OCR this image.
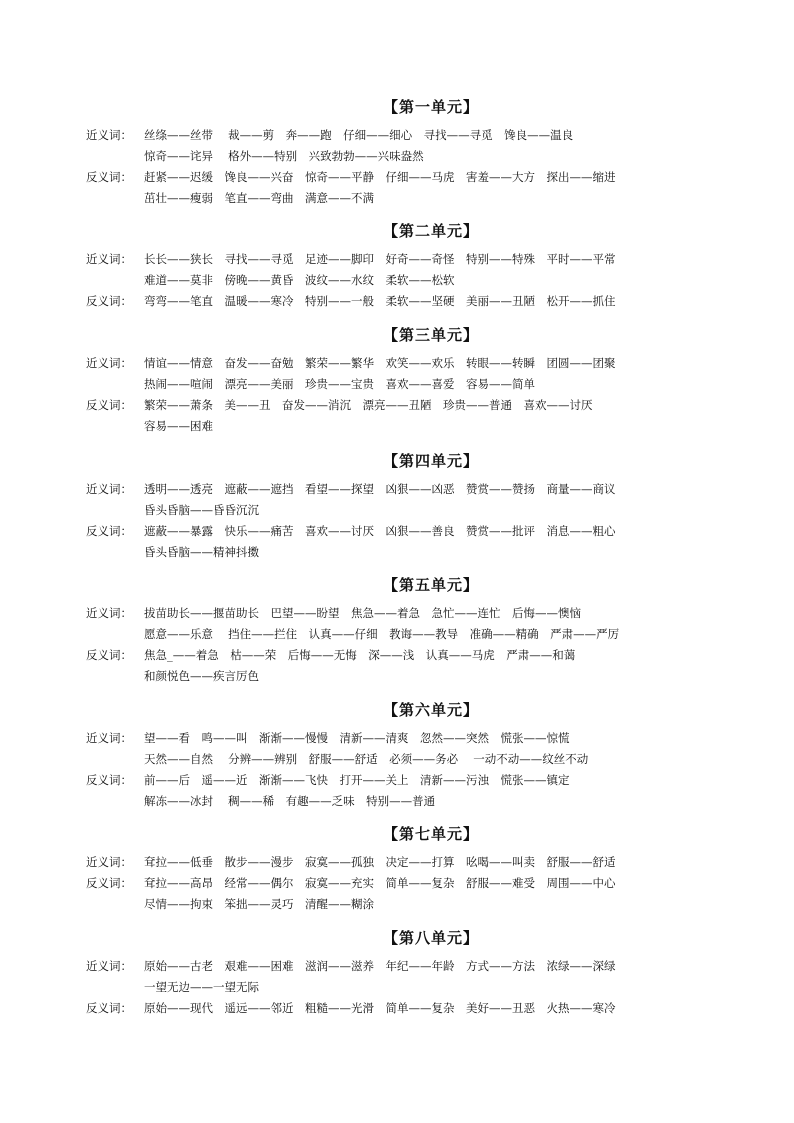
【第一单元】
近义词：	丝绦——丝带　 裁——剪　奔——跑　仔细——细心　寻找——寻觅　馋良——温良
惊奇——诧异　 格外——特别　兴致勃勃——兴味盎然
反义词：	赶紧——迟缓　馋良——兴奋　惊奇——平静　仔细——马虎　害羞——大方　探出——缩进
茁壮——瘦弱　笔直——弯曲　满意——不满
【第二单元】
近义词：	长长——狭长　寻找——寻觅　足迹——脚印　好奇——奇怪　特别——特殊　平时——平常
难道——莫非　傍晚——黄昏　波纹——水纹　柔软——松软
反义词：	弯弯——笔直　温暖——寒冷　特别——一般　柔软——坚硬　美丽——丑陋　松开——抓住
【第三单元】
近义词：	情谊——情意　奋发——奋勉　繁荣——繁华　欢笑——欢乐　转眼——转瞬　团圆——团聚
热闹——喧闹　漂亮——美丽　珍贵——宝贵　喜欢——喜爱　容易——简单
反义词：	繁荣——萧条　美——丑　奋发——消沉　漂亮——丑陋　珍贵——普通　喜欢——讨厌
容易——困难
【第四单元】
近义词：	透明——透亮　遮蔽——遮挡　看望——探望　凶狠——凶恶　赞赏——赞扬　商量——商议
昏头昏脑——昏昏沉沉
反义词：	遮蔽——暴露　快乐——痛苦　喜欢——讨厌　凶狠——善良　赞赏——批评　消息——粗心
昏头昏脑——精神抖擞
【第五单元】
近义词：	拔苗助长——揠苗助长　巴望——盼望　焦急——着急　急忙——连忙　后悔——懊恼
愿意——乐意　 挡住——拦住　认真——仔细　教诲——教导　准确——精确　严肃——严厉
反义词：	焦急_——着急　枯——荣　后悔——无悔　深——浅　认真——马虎　严肃——和蔼
和颜悦色——疾言厉色
【第六单元】
近义词：	望——看　鸣——叫　渐渐——慢慢　清新——清爽　忽然——突然　慌张——惊慌
天然——自然　 分辨——辨别　舒服——舒适　必须——务必　 一动不动——纹丝不动
反义词：	前——后　遥——近　渐渐——飞快　打开——关上　清新——污浊　慌张——镇定
解冻——冰封　 稠——稀　有趣——乏味　特别——普通
【第七单元】
近义词：	耷拉——低垂　散步——漫步　寂寞——孤独　决定——打算　吆喝——叫卖　舒服——舒适
反义词：	耷拉——高昂　经常——偶尔　寂寞——充实　简单——复杂　舒服——难受　周围——中心
尽情——拘束　笨拙——灵巧　清醒——糊涂
【第八单元】
近义词：	原始——古老　艰难——困难　滋润——滋养　年纪——年龄　方式——方法　浓绿——深绿
一望无边——一望无际
反义词：	原始——现代　遥远——邻近　粗糙——光滑　简单——复杂　美好——丑恶　火热——寒冷
